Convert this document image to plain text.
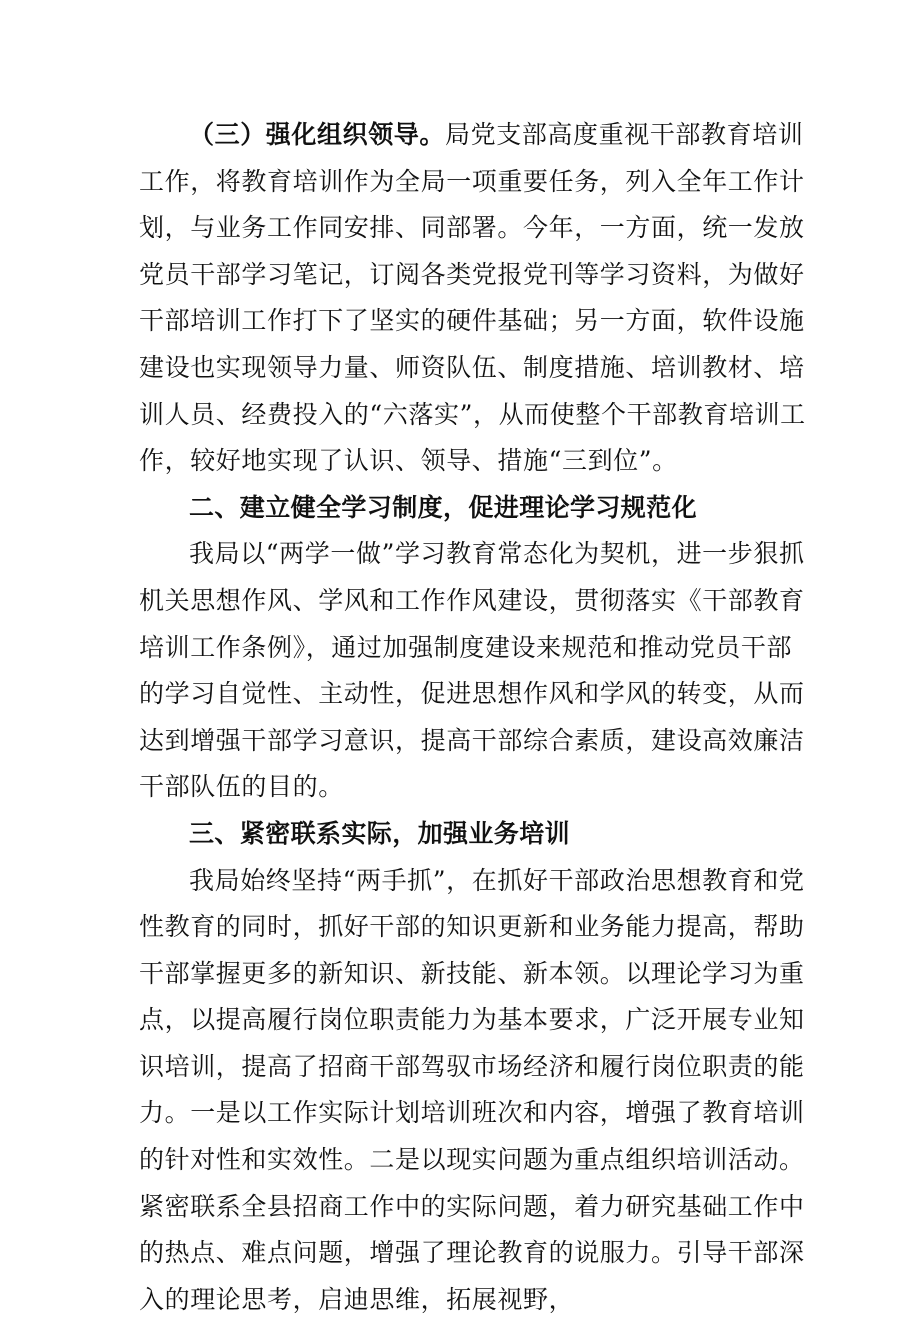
（三）强化组织领导。局党支部高度重视干部教育培训工作，将教育培训作为全局一项重要任务，列入全年工作计划，与业务工作同安排、同部署。今年，一方面，统一发放党员干部学习笔记，订阅各类党报党刊等学习资料，为做好干部培训工作打下了坚实的硬件基础；另一方面，软件设施建设也实现领导力量、师资队伍、制度措施、培训教材、培训人员、经费投入的“六落实”，从而使整个干部教育培训工作，较好地实现了认识、领导、措施“三到位”。

二、建立健全学习制度，促进理论学习规范化

我局以“两学一做”学习教育常态化为契机，进一步狠抓机关思想作风、学风和工作作风建设，贯彻落实《干部教育培训工作条例》，通过加强制度建设来规范和推动党员干部的学习自觉性、主动性，促进思想作风和学风的转变，从而达到增强干部学习意识，提高干部综合素质，建设高效廉洁干部队伍的目的。

三、紧密联系实际，加强业务培训

我局始终坚持“两手抓”，在抓好干部政治思想教育和党性教育的同时，抓好干部的知识更新和业务能力提高，帮助干部掌握更多的新知识、新技能、新本领。以理论学习为重点，以提高履行岗位职责能力为基本要求，广泛开展专业知识培训，提高了招商干部驾驭市场经济和履行岗位职责的能力。一是以工作实际计划培训班次和内容，增强了教育培训的针对性和实效性。二是以现实问题为重点组织培训活动。紧密联系全县招商工作中的实际问题，着力研究基础工作中的热点、难点问题，增强了理论教育的说服力。引导干部深入的理论思考，启迪思维，拓展视野，
